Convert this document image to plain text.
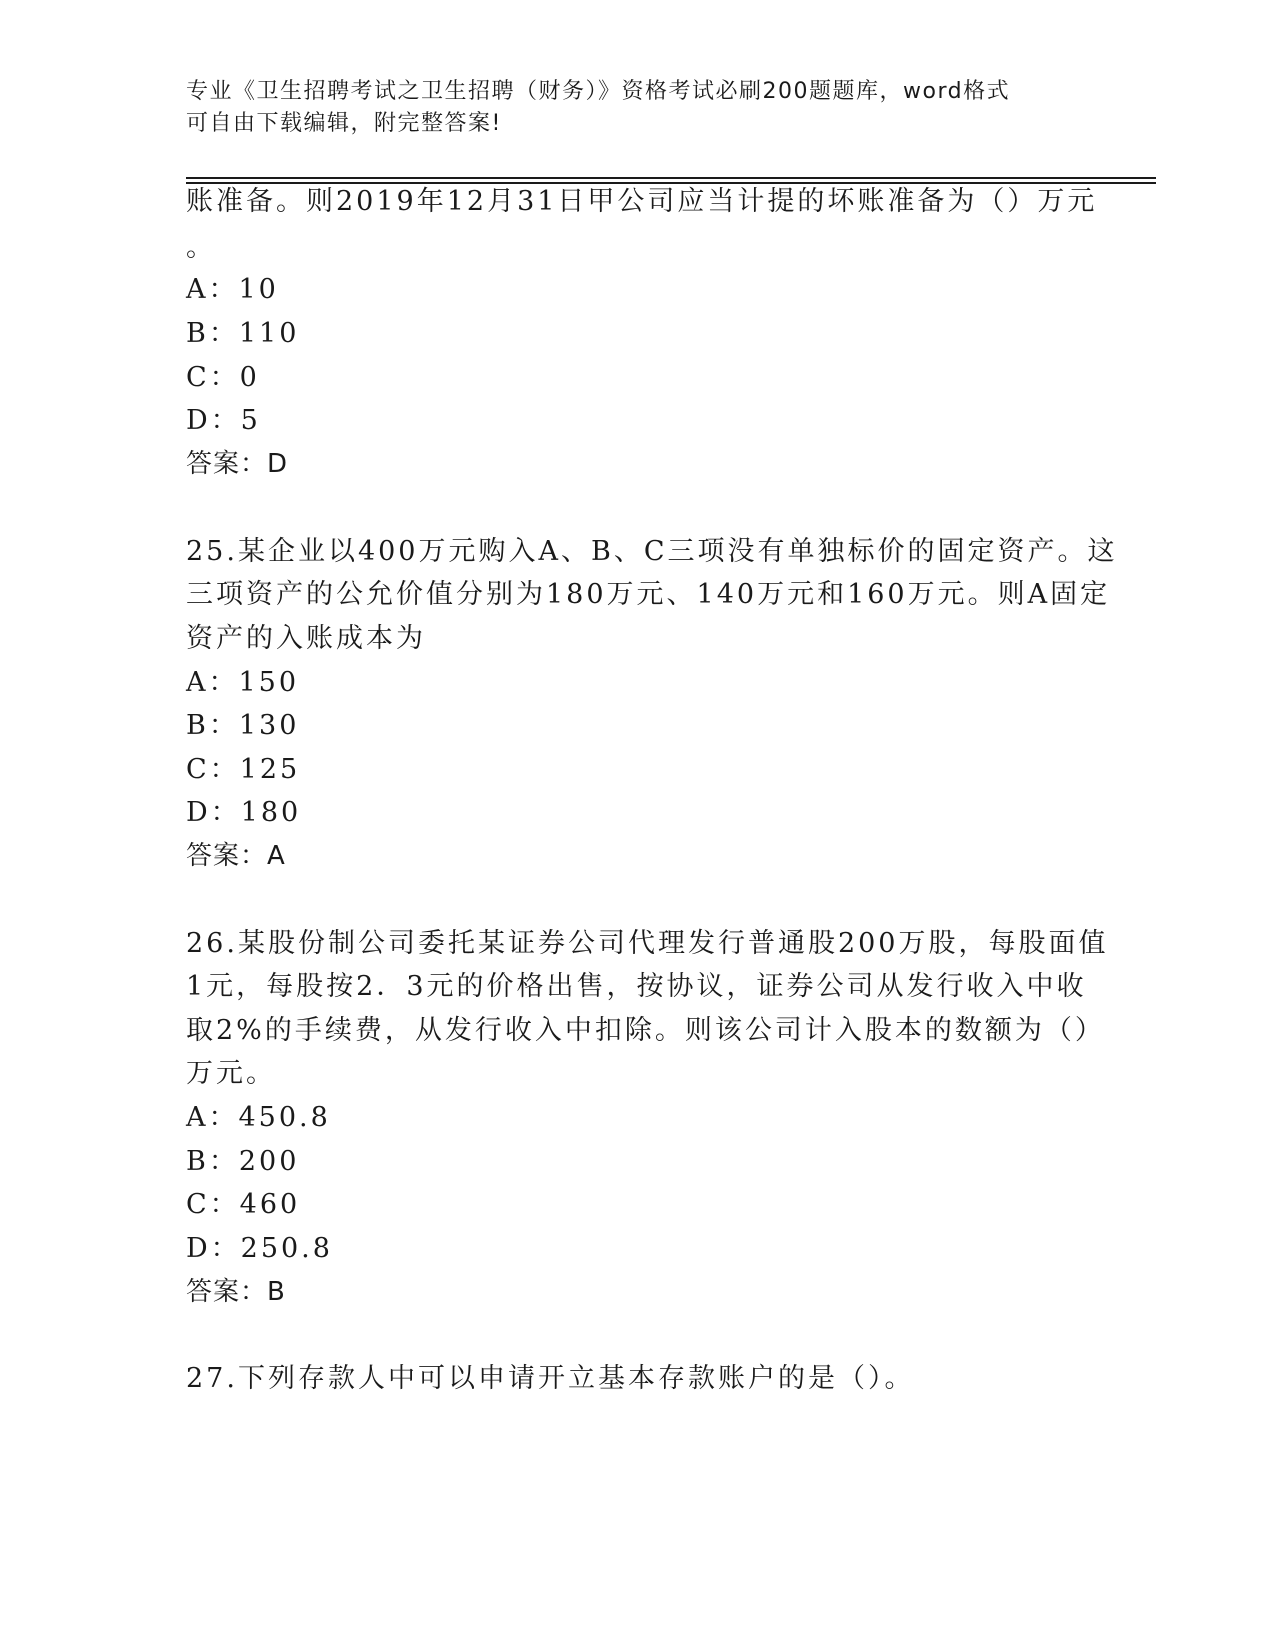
专业《卫生招聘考试之卫生招聘（财务）》资格考试必刷200题题库，word格式
可自由下载编辑，附完整答案!
账准备。则2019年12月31日甲公司应当计提的坏账准备为（）万元
。
A：10
B：110
C：0
D：5
答案：D
25.某企业以400万元购入A、B、C三项没有单独标价的固定资产。这
三项资产的公允价值分别为180万元、140万元和160万元。则A固定
资产的入账成本为
A：150
B：130
C：125
D：180
答案：A
26.某股份制公司委托某证券公司代理发行普通股200万股，每股面值
1元，每股按2．3元的价格出售，按协议，证券公司从发行收入中收
取2%的手续费，从发行收入中扣除。则该公司计入股本的数额为（）
万元。
A：450.8
B：200
C：460
D：250.8
答案：B
27.下列存款人中可以申请开立基本存款账户的是（）。
